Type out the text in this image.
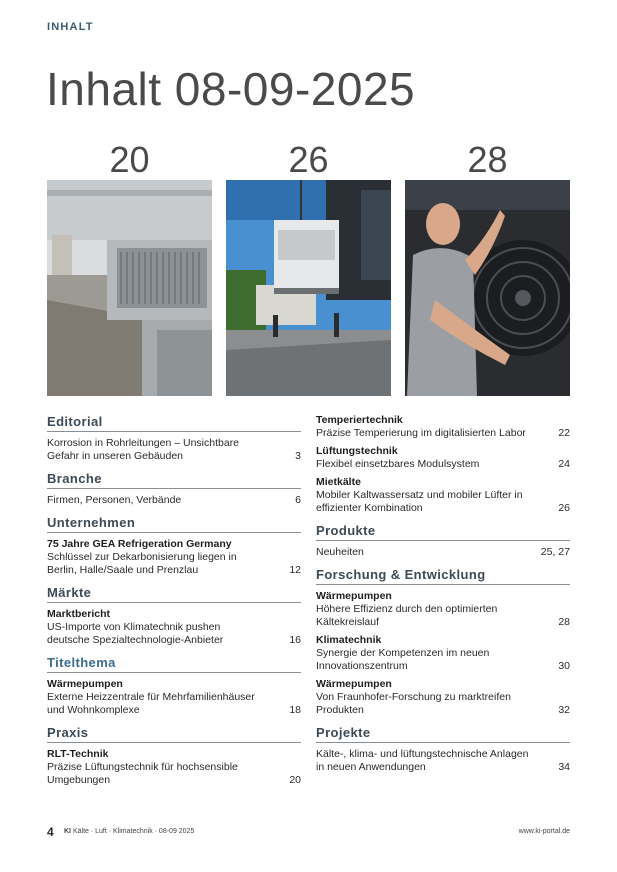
INHALT
Inhalt 08-09-2025
20	26	28
Editorial
Korrosion in Rohrleitungen – Unsichtbare Gefahr in unseren Gebäuden	3
Branche
Firmen, Personen, Verbände	6
Unternehmen
75 Jahre GEA Refrigeration Germany
Schlüssel zur Dekarbonisierung liegen in Berlin, Halle/Saale und Prenzlau	12
Märkte
Marktbericht
US-Importe von Klimatechnik pushen deutsche Spezialtechnologie-Anbieter	16
Titelthema
Wärmepumpen
Externe Heizzentrale für Mehrfamilienhäuser und Wohnkomplexe	18
Praxis
RLT-Technik
Präzise Lüftungstechnik für hochsensible Umgebungen	20
Temperiertechnik
Präzise Temperierung im digitalisierten Labor	22
Lüftungstechnik
Flexibel einsetzbares Modulsystem	24
Mietkälte
Mobiler Kaltwassersatz und mobiler Lüfter in effizienter Kombination	26
Produkte
Neuheiten	25, 27
Forschung & Entwicklung
Wärmepumpen
Höhere Effizienz durch den optimierten Kältekreislauf	28
Klimatechnik
Synergie der Kompetenzen im neuen Innovationszentrum	30
Wärmepumpen
Von Fraunhofer-Forschung zu marktreifen Produkten	32
Projekte
Kälte-, klima- und lüftungstechnische Anlagen in neuen Anwendungen	34
4 KI Kälte · Luft · Klimatechnik · 08-09 2025	www.ki-portal.de
